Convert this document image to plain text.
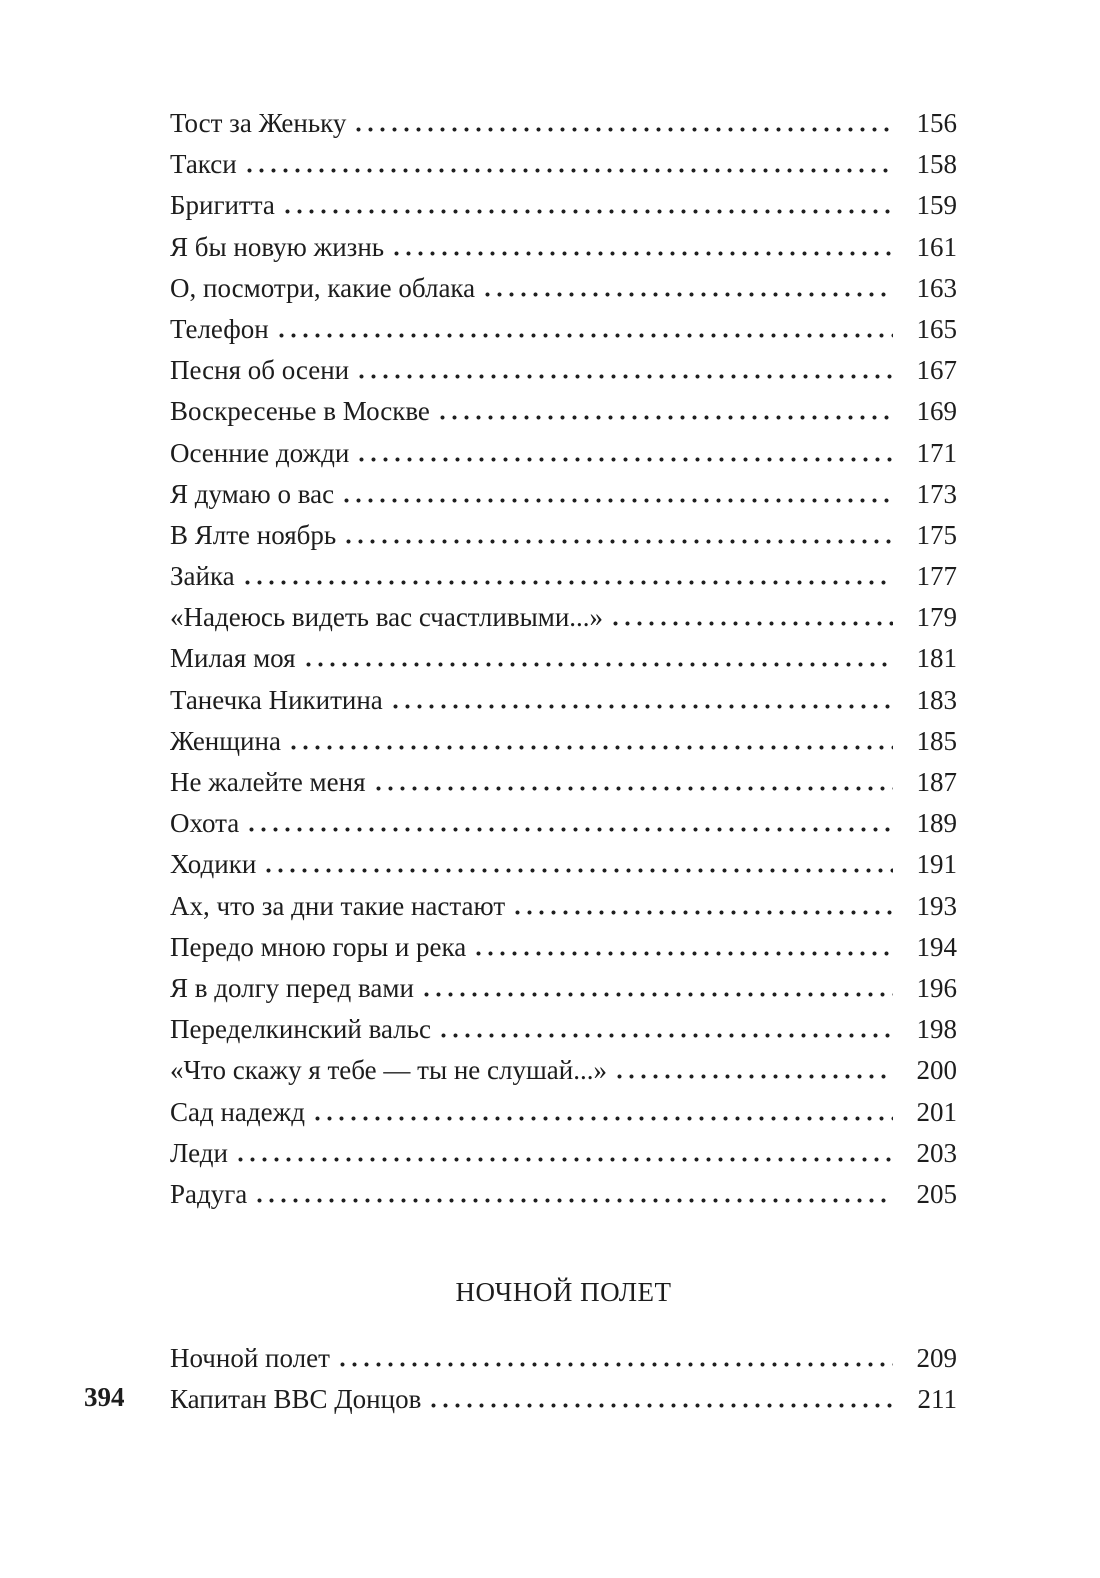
Тост за Женьку	156
Такси	158
Бригитта	159
Я бы новую жизнь	161
О, посмотри, какие облака	163
Телефон	165
Песня об осени	167
Воскресенье в Москве	169
Осенние дожди	171
Я думаю о вас	173
В Ялте ноябрь	175
Зайка	177
«Надеюсь видеть вас счастливыми...»	179
Милая моя	181
Танечка Никитина	183
Женщина	185
Не жалейте меня	187
Охота	189
Ходики	191
Ах, что за дни такие настают	193
Передо мною горы и река	194
Я в долгу перед вами	196
Переделкинский вальс	198
«Что скажу я тебе — ты не слушай...»	200
Сад надежд	201
Леди	203
Радуга	205
НОЧНОЙ ПОЛЕТ
Ночной полет	209
Капитан ВВС Донцов	211
394
